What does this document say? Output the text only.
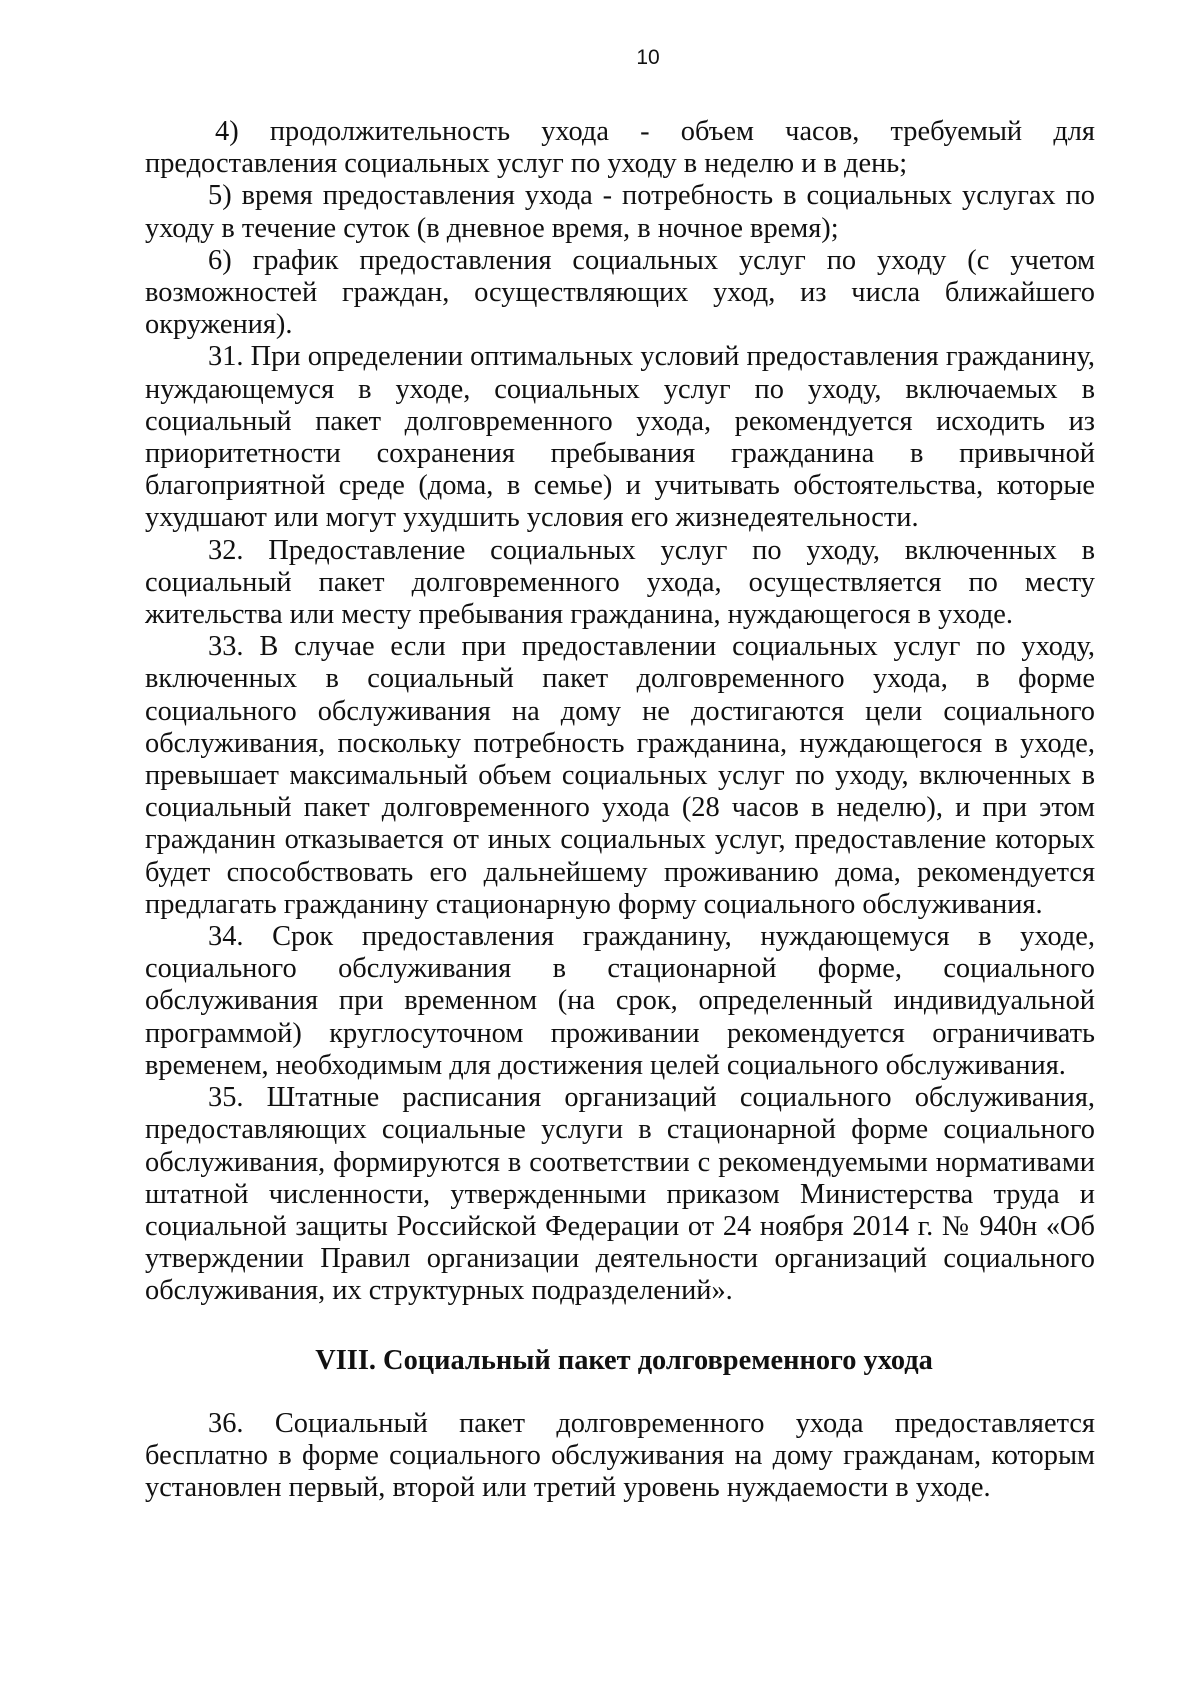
10

4) продолжительность ухода - объем часов, требуемый для предоставления социальных услуг по уходу в неделю и в день;

5) время предоставления ухода - потребность в социальных услугах по уходу в течение суток (в дневное время, в ночное время);

6) график предоставления социальных услуг по уходу (с учетом возможностей граждан, осуществляющих уход, из числа ближайшего окружения).

31. При определении оптимальных условий предоставления гражданину, нуждающемуся в уходе, социальных услуг по уходу, включаемых в социальный пакет долговременного ухода, рекомендуется исходить из приоритетности сохранения пребывания гражданина в привычной благоприятной среде (дома, в семье) и учитывать обстоятельства, которые ухудшают или могут ухудшить условия его жизнедеятельности.

32. Предоставление социальных услуг по уходу, включенных в социальный пакет долговременного ухода, осуществляется по месту жительства или месту пребывания гражданина, нуждающегося в уходе.

33. В случае если при предоставлении социальных услуг по уходу, включенных в социальный пакет долговременного ухода, в форме социального обслуживания на дому не достигаются цели социального обслуживания, поскольку потребность гражданина, нуждающегося в уходе, превышает максимальный объем социальных услуг по уходу, включенных в социальный пакет долговременного ухода (28 часов в неделю), и при этом гражданин отказывается от иных социальных услуг, предоставление которых будет способствовать его дальнейшему проживанию дома, рекомендуется предлагать гражданину стационарную форму социального обслуживания.

34. Срок предоставления гражданину, нуждающемуся в уходе, социального обслуживания в стационарной форме, социального обслуживания при временном (на срок, определенный индивидуальной программой) круглосуточном проживании рекомендуется ограничивать временем, необходимым для достижения целей социального обслуживания.

35. Штатные расписания организаций социального обслуживания, предоставляющих социальные услуги в стационарной форме социального обслуживания, формируются в соответствии с рекомендуемыми нормативами штатной численности, утвержденными приказом Министерства труда и социальной защиты Российской Федерации от 24 ноября 2014 г. № 940н «Об утверждении Правил организации деятельности организаций социального обслуживания, их структурных подразделений».

VIII. Социальный пакет долговременного ухода

36. Социальный пакет долговременного ухода предоставляется бесплатно в форме социального обслуживания на дому гражданам, которым установлен первый, второй или третий уровень нуждаемости в уходе.
